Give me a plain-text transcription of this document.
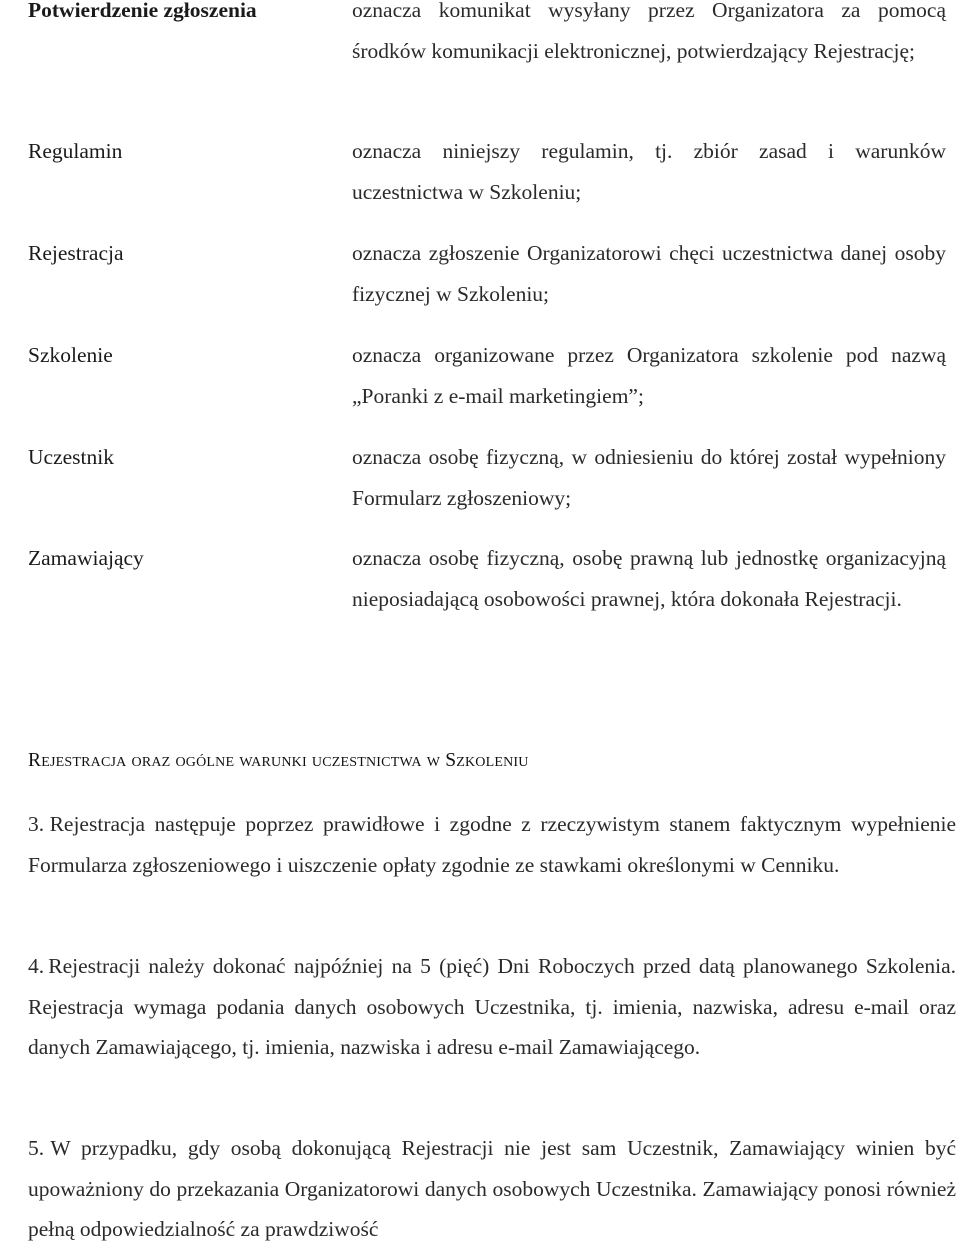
Potwierdzenie zgłoszenia	oznacza komunikat wysyłany przez Organizatora za pomocą środków komunikacji elektronicznej, potwierdzający Rejestrację;
Regulamin	oznacza niniejszy regulamin, tj. zbiór zasad i warunków uczestnictwa w Szkoleniu;
Rejestracja	oznacza zgłoszenie Organizatorowi chęci uczestnictwa danej osoby fizycznej w Szkoleniu;
Szkolenie	oznacza organizowane przez Organizatora szkolenie pod nazwą „Poranki z e-mail marketingiem”;
Uczestnik	oznacza osobę fizyczną, w odniesieniu do której został wypełniony Formularz zgłoszeniowy;
Zamawiający	oznacza osobę fizyczną, osobę prawną lub jednostkę organizacyjną nieposiadającą osobowości prawnej, która dokonała Rejestracji.
Rejestracja oraz ogólne warunki uczestnictwa w Szkoleniu
3. Rejestracja następuje poprzez prawidłowe i zgodne z rzeczywistym stanem faktycznym wypełnienie Formularza zgłoszeniowego i uiszczenie opłaty zgodnie ze stawkami określonymi w Cenniku.
4. Rejestracji należy dokonać najpóźniej na 5 (pięć) Dni Roboczych przed datą planowanego Szkolenia. Rejestracja wymaga podania danych osobowych Uczestnika, tj. imienia, nazwiska, adresu e-mail oraz danych Zamawiającego, tj. imienia, nazwiska i adresu e-mail Zamawiającego.
5. W przypadku, gdy osobą dokonującą Rejestracji nie jest sam Uczestnik, Zamawiający winien być upoważniony do przekazania Organizatorowi danych osobowych Uczestnika. Zamawiający ponosi również pełną odpowiedzialność za prawdziwość
